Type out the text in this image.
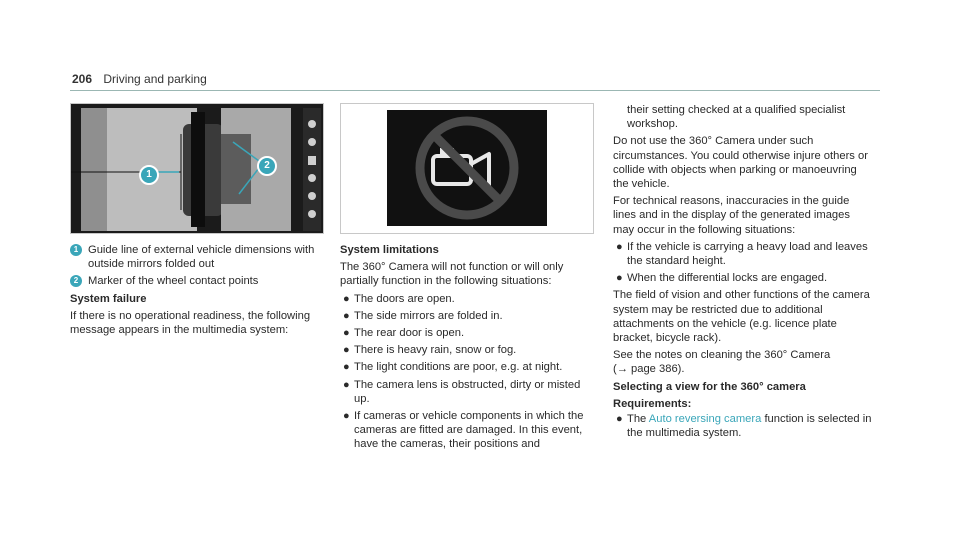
206 Driving and parking
1
2
1 Guide line of external vehicle dimensions with outside mirrors folded out
2 Marker of the wheel contact points
System failure
If there is no operational readiness, the following message appears in the multimedia system:
System limitations
The 360° Camera will not function or will only partially function in the following situations:
● The doors are open.
● The side mirrors are folded in.
● The rear door is open.
● There is heavy rain, snow or fog.
● The light conditions are poor, e.g. at night.
● The camera lens is obstructed, dirty or misted up.
● If cameras or vehicle components in which the cameras are fitted are damaged. In this event, have the cameras, their positions and
their setting checked at a qualified specialist workshop.
Do not use the 360° Camera under such circumstances. You could otherwise injure others or collide with objects when parking or manoeuvring the vehicle.
For technical reasons, inaccuracies in the guide lines and in the display of the generated images may occur in the following situations:
● If the vehicle is carrying a heavy load and leaves the standard height.
● When the differential locks are engaged.
The field of vision and other functions of the camera system may be restricted due to additional attachments on the vehicle (e.g. licence plate bracket, bicycle rack).
See the notes on cleaning the 360° Camera
(→ page 386).
Selecting a view for the 360° camera
Requirements:
● The Auto reversing camera function is selected in the multimedia system.
